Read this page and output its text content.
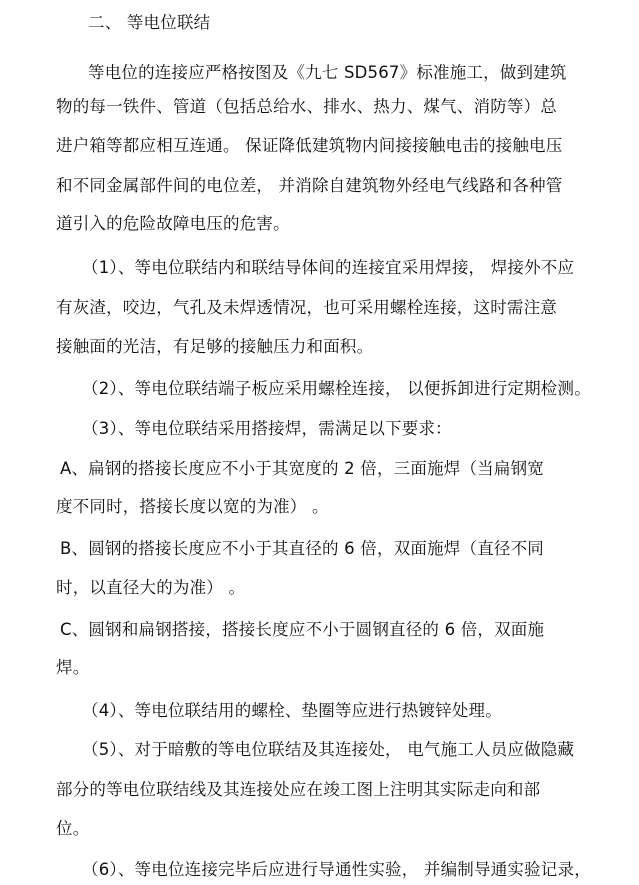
二、 等电位联结
等电位的连接应严格按图及《九七 SD567》标准施工，做到建筑
物的每一铁件、管道（包括总给水、排水、热力、煤气、消防等）总
进户箱等都应相互连通。 保证降低建筑物内间接接触电击的接触电压
和不同金属部件间的电位差， 并消除自建筑物外经电气线路和各种管
道引入的危险故障电压的危害。
（1）、等电位联结内和联结导体间的连接宜采用焊接， 焊接外不应
有灰渣，咬边，气孔及未焊透情况，也可采用螺栓连接，这时需注意
接触面的光洁，有足够的接触压力和面积。
（2）、等电位联结端子板应采用螺栓连接， 以便拆卸进行定期检测。
（3）、等电位联结采用搭接焊，需满足以下要求：
A、扁钢的搭接长度应不小于其宽度的 2 倍，三面施焊（当扁钢宽
度不同时，搭接长度以宽的为准） 。
B、圆钢的搭接长度应不小于其直径的 6 倍，双面施焊（直径不同
时，以直径大的为准） 。
C、圆钢和扁钢搭接，搭接长度应不小于圆钢直径的 6 倍，双面施
焊。
（4）、等电位联结用的螺栓、垫圈等应进行热镀锌处理。
（5）、对于暗敷的等电位联结及其连接处， 电气施工人员应做隐藏
部分的等电位联结线及其连接处应在竣工图上注明其实际走向和部
位。
（6）、等电位连接完毕后应进行导通性实验， 并编制导通实验记录，
